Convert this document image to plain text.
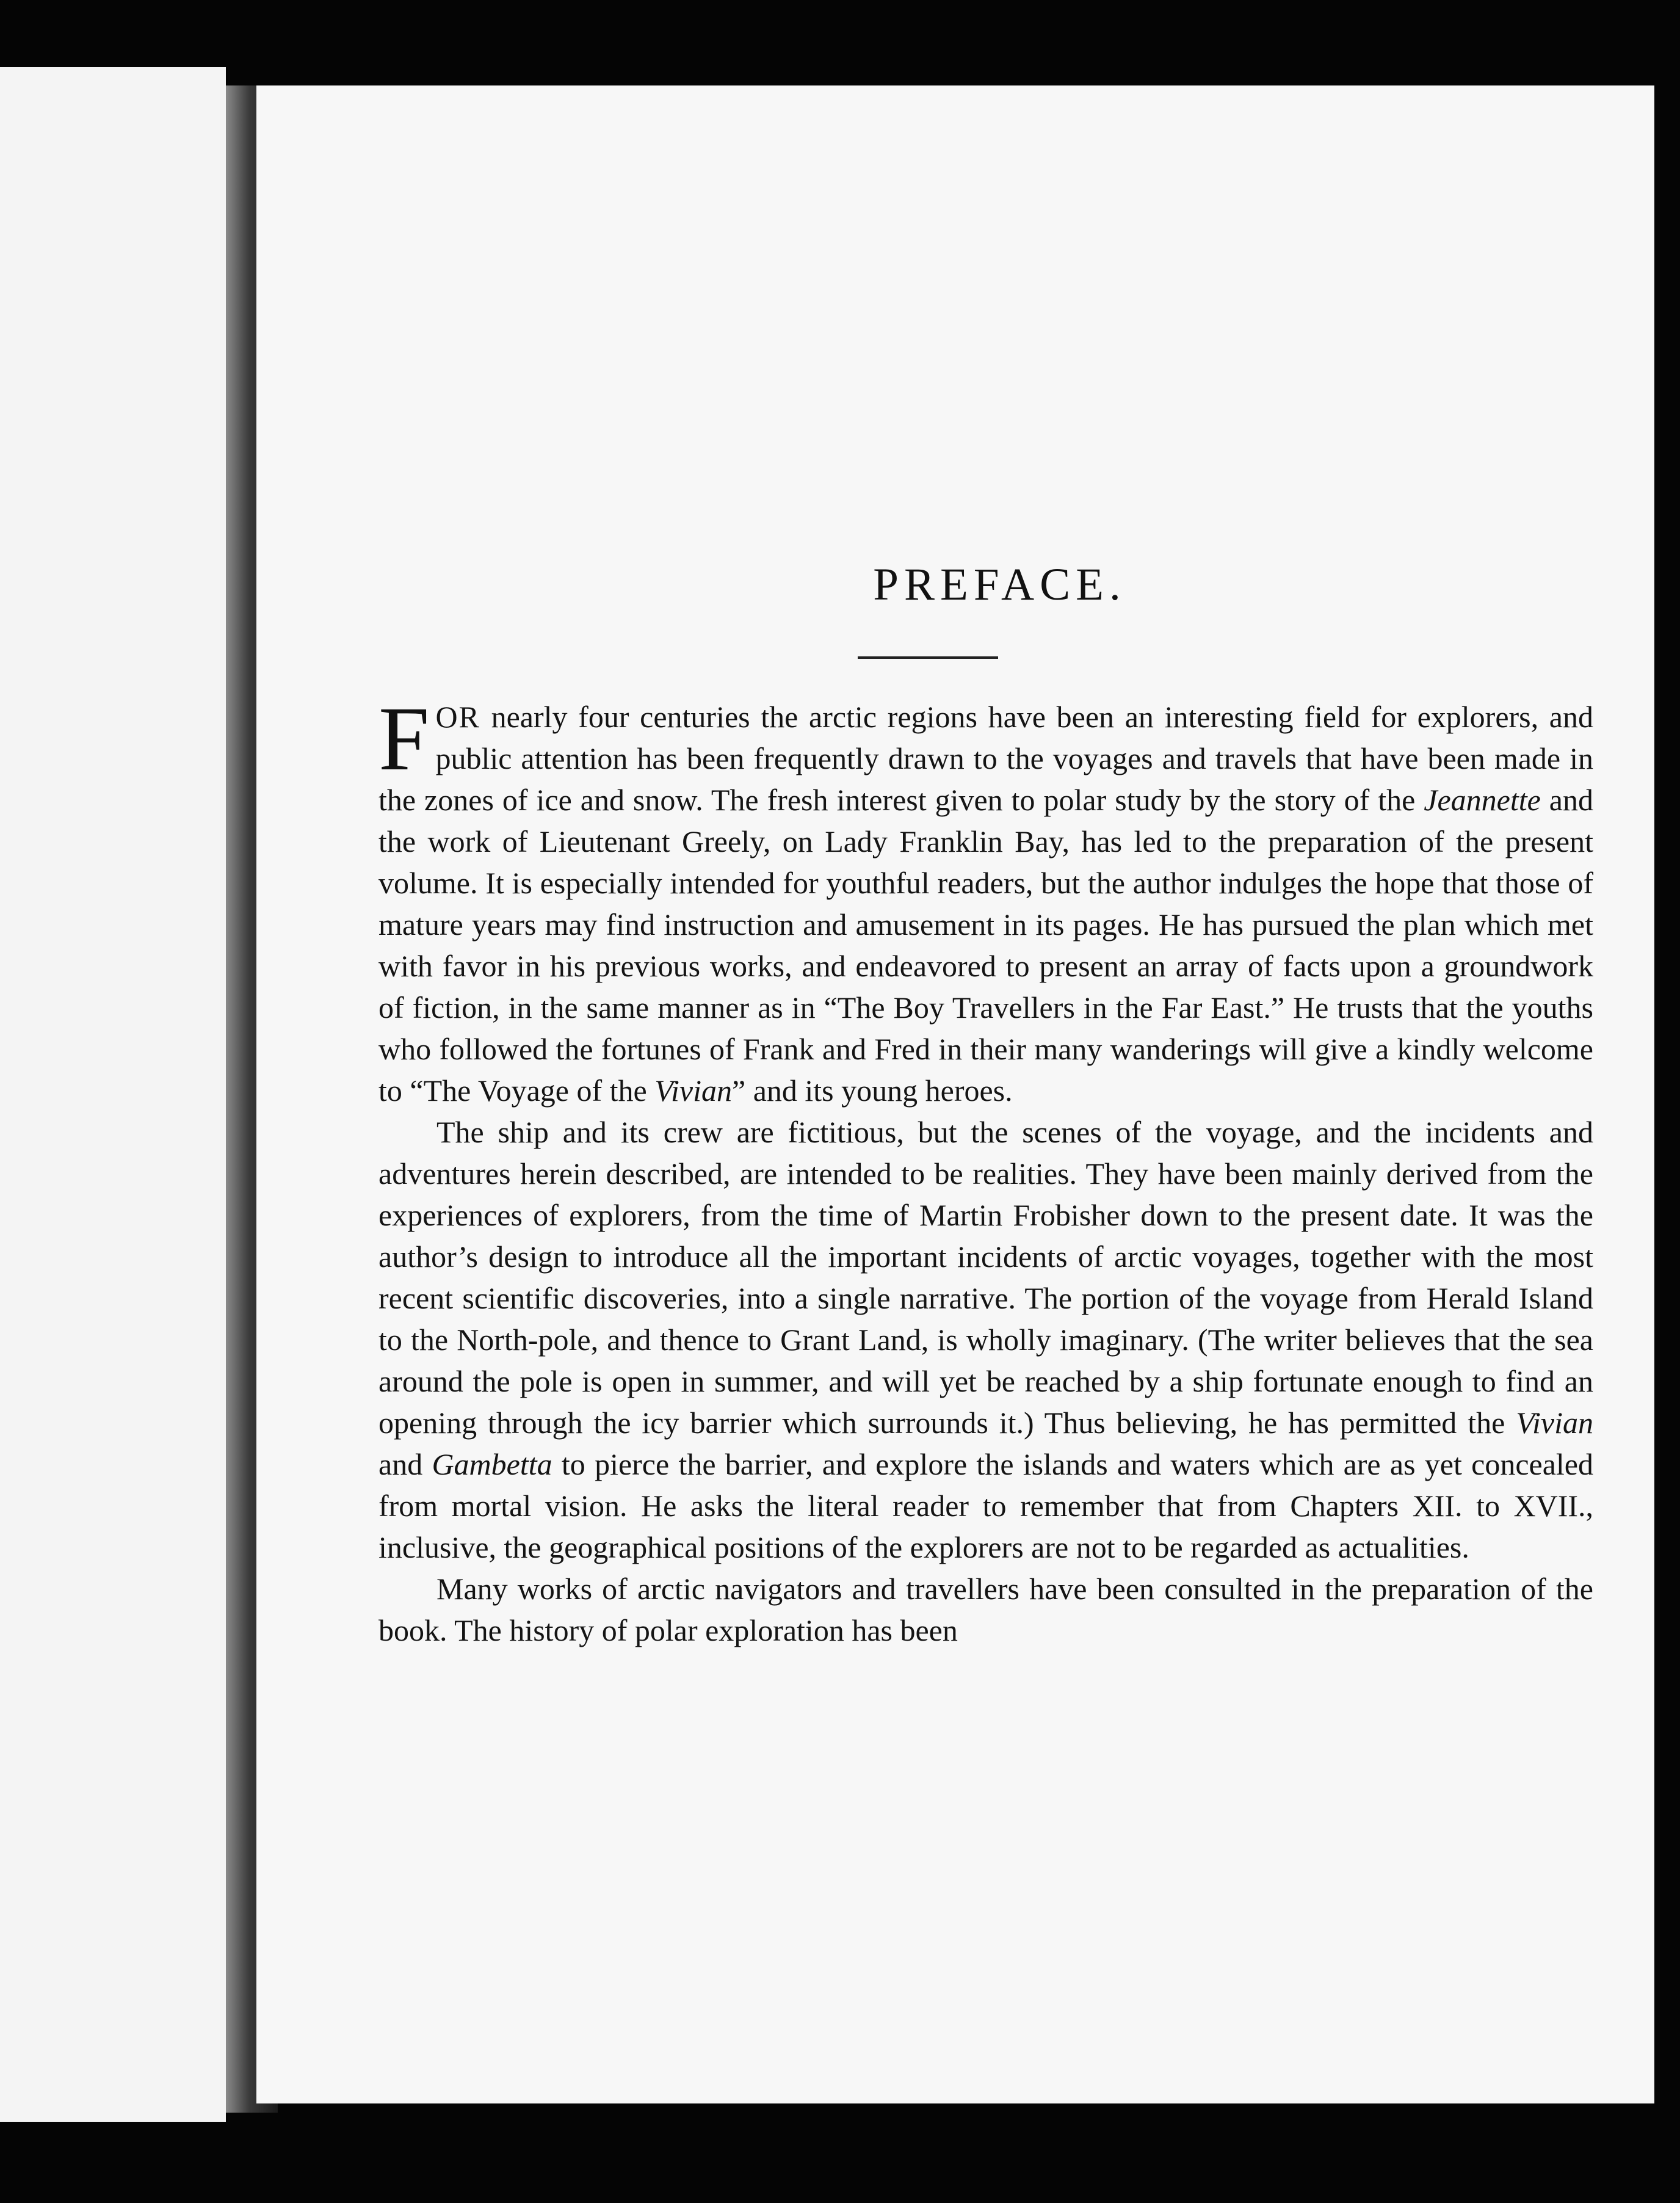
PREFACE.

FOR nearly four centuries the arctic regions have been an interesting field for explorers, and public attention has been frequently drawn to the voyages and travels that have been made in the zones of ice and snow. The fresh interest given to polar study by the story of the Jeannette and the work of Lieutenant Greely, on Lady Franklin Bay, has led to the preparation of the present volume. It is especially intended for youthful readers, but the author indulges the hope that those of mature years may find instruction and amusement in its pages. He has pursued the plan which met with favor in his previous works, and endeavored to present an array of facts upon a groundwork of fiction, in the same manner as in “The Boy Travellers in the Far East.” He trusts that the youths who followed the fortunes of Frank and Fred in their many wanderings will give a kindly welcome to “The Voyage of the Vivian” and its young heroes.

The ship and its crew are fictitious, but the scenes of the voyage, and the incidents and adventures herein described, are intended to be realities. They have been mainly derived from the experiences of explorers, from the time of Martin Frobisher down to the present date. It was the author’s design to introduce all the important incidents of arctic voyages, together with the most recent scientific discoveries, into a single narrative. The portion of the voyage from Herald Island to the North-pole, and thence to Grant Land, is wholly imaginary. (The writer believes that the sea around the pole is open in summer, and will yet be reached by a ship fortunate enough to find an opening through the icy barrier which surrounds it.) Thus believing, he has permitted the Vivian and Gambetta to pierce the barrier, and explore the islands and waters which are as yet concealed from mortal vision. He asks the literal reader to remember that from Chapters XII. to XVII., inclusive, the geographical positions of the explorers are not to be regarded as actualities.

Many works of arctic navigators and travellers have been consulted in the preparation of the book. The history of polar exploration has been
